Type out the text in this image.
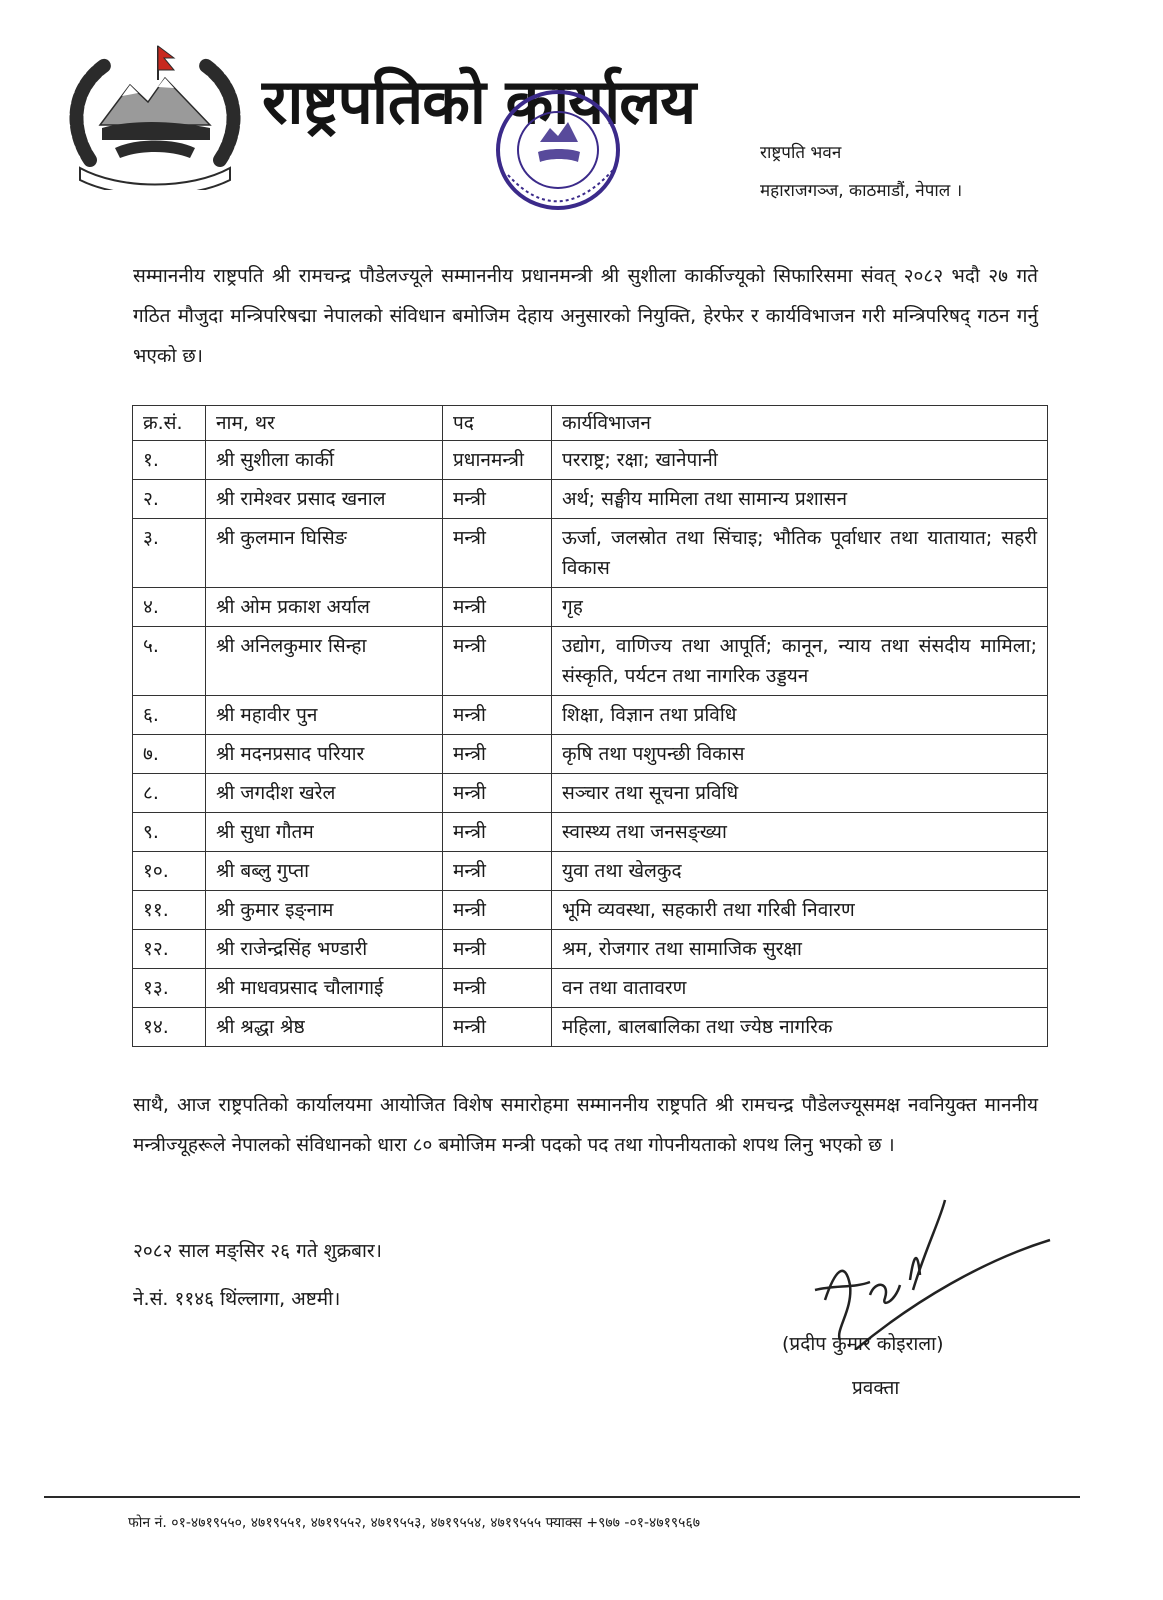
राष्ट्रपतिको कार्यालय
राष्ट्रपति भवन
महाराजगञ्ज, काठमाडौं, नेपाल ।
सम्माननीय राष्ट्रपति श्री रामचन्द्र पौडेलज्यूले सम्माननीय प्रधानमन्त्री श्री सुशीला कार्कीज्यूको सिफारिसमा संवत् २०८२ भदौ २७ गते गठित मौजुदा मन्त्रिपरिषद्मा नेपालको संविधान बमोजिम देहाय अनुसारको नियुक्ति, हेरफेर र कार्यविभाजन गरी मन्त्रिपरिषद् गठन गर्नु भएको छ।
क्र.सं.	नाम, थर	पद	कार्यविभाजन
१.	श्री सुशीला कार्की	प्रधानमन्त्री	परराष्ट्र; रक्षा; खानेपानी
२.	श्री रामेश्वर प्रसाद खनाल	मन्त्री	अर्थ; सङ्घीय मामिला तथा सामान्य प्रशासन
३.	श्री कुलमान घिसिङ	मन्त्री	ऊर्जा, जलस्रोत तथा सिंचाइ; भौतिक पूर्वाधार तथा यातायात; सहरी विकास
४.	श्री ओम प्रकाश अर्याल	मन्त्री	गृह
५.	श्री अनिलकुमार सिन्हा	मन्त्री	उद्योग, वाणिज्य तथा आपूर्ति; कानून, न्याय तथा संसदीय मामिला; संस्कृति, पर्यटन तथा नागरिक उड्डयन
६.	श्री महावीर पुन	मन्त्री	शिक्षा, विज्ञान तथा प्रविधि
७.	श्री मदनप्रसाद परियार	मन्त्री	कृषि तथा पशुपन्छी विकास
८.	श्री जगदीश खरेल	मन्त्री	सञ्चार तथा सूचना प्रविधि
९.	श्री सुधा गौतम	मन्त्री	स्वास्थ्य तथा जनसङ्ख्या
१०.	श्री बब्लु गुप्ता	मन्त्री	युवा तथा खेलकुद
११.	श्री कुमार इङ्नाम	मन्त्री	भूमि व्यवस्था, सहकारी तथा गरिबी निवारण
१२.	श्री राजेन्द्रसिंह भण्डारी	मन्त्री	श्रम, रोजगार तथा सामाजिक सुरक्षा
१३.	श्री माधवप्रसाद चौलागाई	मन्त्री	वन तथा वातावरण
१४.	श्री श्रद्धा श्रेष्ठ	मन्त्री	महिला, बालबालिका तथा ज्येष्ठ नागरिक
साथै, आज राष्ट्रपतिको कार्यालयमा आयोजित विशेष समारोहमा सम्माननीय राष्ट्रपति श्री रामचन्द्र पौडेलज्यूसमक्ष नवनियुक्त माननीय मन्त्रीज्यूहरूले नेपालको संविधानको धारा ८० बमोजिम मन्त्री पदको पद तथा गोपनीयताको शपथ लिनु भएको छ ।
२०८२ साल मङ्सिर २६ गते शुक्रबार।
ने.सं. ११४६ थिंल्लागा, अष्टमी।
(प्रदीप कुमार कोइराला)
प्रवक्ता
फोन नं. ०१-४७१९५५०, ४७१९५५१, ४७१९५५२, ४७१९५५३, ४७१९५५४, ४७१९५५५ फ्याक्स +९७७ -०१-४७१९५६७
